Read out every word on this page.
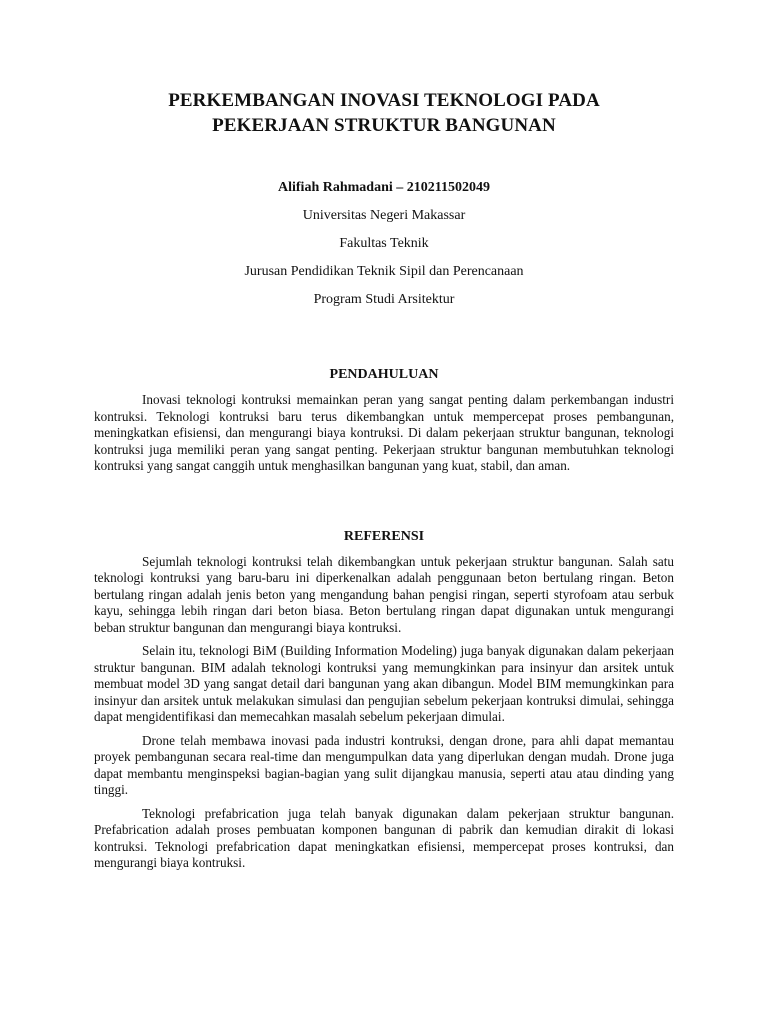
PERKEMBANGAN INOVASI TEKNOLOGI PADA
PEKERJAAN STRUKTUR BANGUNAN

Alifiah Rahmadani – 210211502049

Universitas Negeri Makassar

Fakultas Teknik

Jurusan Pendidikan Teknik Sipil dan Perencanaan

Program Studi Arsitektur

PENDAHULUAN

Inovasi teknologi kontruksi memainkan peran yang sangat penting dalam perkembangan industri kontruksi. Teknologi kontruksi baru terus dikembangkan untuk mempercepat proses pembangunan, meningkatkan efisiensi, dan mengurangi biaya kontruksi. Di dalam pekerjaan struktur bangunan, teknologi kontruksi juga memiliki peran yang sangat penting. Pekerjaan struktur bangunan membutuhkan teknologi kontruksi yang sangat canggih untuk menghasilkan bangunan yang kuat, stabil, dan aman.

REFERENSI

Sejumlah teknologi kontruksi telah dikembangkan untuk pekerjaan struktur bangunan. Salah satu teknologi kontruksi yang baru-baru ini diperkenalkan adalah penggunaan beton bertulang ringan. Beton bertulang ringan adalah jenis beton yang mengandung bahan pengisi ringan, seperti styrofoam atau serbuk kayu, sehingga lebih ringan dari beton biasa. Beton bertulang ringan dapat digunakan untuk mengurangi beban struktur bangunan dan mengurangi biaya kontruksi.

Selain itu, teknologi BiM (Building Information Modeling) juga banyak digunakan dalam pekerjaan struktur bangunan. BIM adalah teknologi kontruksi yang memungkinkan para insinyur dan arsitek untuk membuat model 3D yang sangat detail dari bangunan yang akan dibangun. Model BIM memungkinkan para insinyur dan arsitek untuk melakukan simulasi dan pengujian sebelum pekerjaan kontruksi dimulai, sehingga dapat mengidentifikasi dan memecahkan masalah sebelum pekerjaan dimulai.

Drone telah membawa inovasi pada industri kontruksi, dengan drone, para ahli dapat memantau proyek pembangunan secara real-time dan mengumpulkan data yang diperlukan dengan mudah. Drone juga dapat membantu menginspeksi bagian-bagian yang sulit dijangkau manusia, seperti atau atau dinding yang tinggi.

Teknologi prefabrication juga telah banyak digunakan dalam pekerjaan struktur bangunan. Prefabrication adalah proses pembuatan komponen bangunan di pabrik dan kemudian dirakit di lokasi kontruksi. Teknologi prefabrication dapat meningkatkan efisiensi, mempercepat proses kontruksi, dan mengurangi biaya kontruksi.
